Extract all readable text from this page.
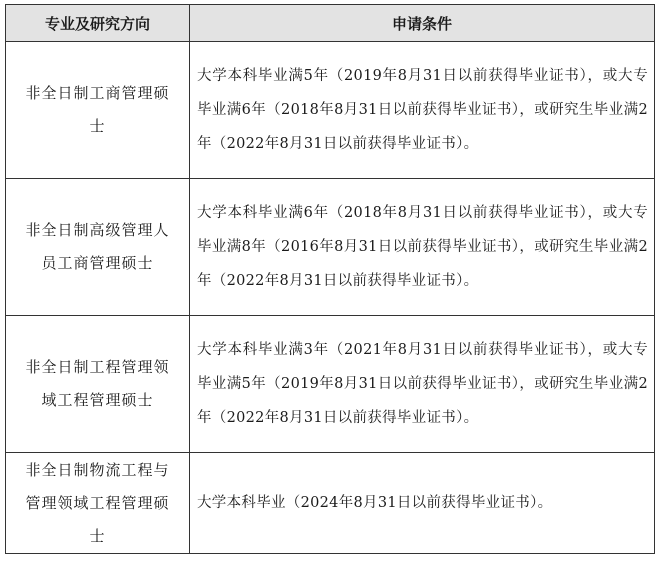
专业及研究方向	申请条件
非全日制工商管理硕士	大学本科毕业满5年（2019年8月31日以前获得毕业证书），或大专毕业满6年（2018年8月31日以前获得毕业证书），或研究生毕业满2年（2022年8月31日以前获得毕业证书）。
非全日制高级管理人员工商管理硕士	大学本科毕业满6年（2018年8月31日以前获得毕业证书），或大专毕业满8年（2016年8月31日以前获得毕业证书），或研究生毕业满2年（2022年8月31日以前获得毕业证书）。
非全日制工程管理领域工程管理硕士	大学本科毕业满3年（2021年8月31日以前获得毕业证书），或大专毕业满5年（2019年8月31日以前获得毕业证书），或研究生毕业满2年（2022年8月31日以前获得毕业证书）。
非全日制物流工程与管理领域工程管理硕士	大学本科毕业（2024年8月31日以前获得毕业证书）。
